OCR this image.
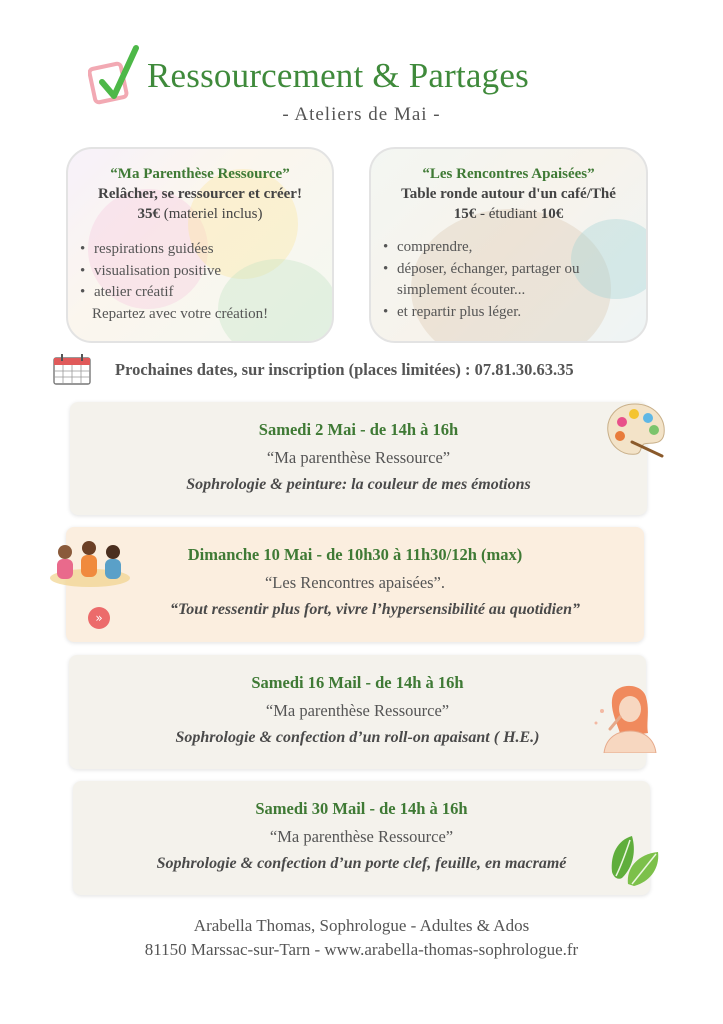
Ressourcement & Partages
- Ateliers de Mai -
“Ma Parenthèse Ressource”
Relâcher, se ressourcer et créer!
35€ (materiel inclus)
• respirations guidées
• visualisation positive
• atelier créatif
Repartez avec votre création!
“Les Rencontres Apaisées”
Table ronde autour d'un café/Thé
15€ - étudiant 10€
• comprendre,
• déposer, échanger, partager ou simplement écouter...
• et repartir plus léger.
Prochaines dates, sur inscription (places limitées) : 07.81.30.63.35
Samedi 2 Mai - de 14h à 16h
“Ma parenthèse Ressource”
Sophrologie & peinture: la couleur de mes émotions
Dimanche 10 Mai - de 10h30 à 11h30/12h (max)
“Les Rencontres apaisées”.
“Tout ressentir plus fort, vivre l’hypersensibilité au quotidien”
»
Samedi 16 Mail - de 14h à 16h
“Ma parenthèse Ressource”
Sophrologie & confection d’un roll-on apaisant ( H.E.)
Samedi 30 Mail - de 14h à 16h
“Ma parenthèse Ressource”
Sophrologie & confection d’un porte clef, feuille, en macramé
Arabella Thomas, Sophrologue - Adultes & Ados
81150 Marssac-sur-Tarn - www.arabella-thomas-sophrologue.fr
